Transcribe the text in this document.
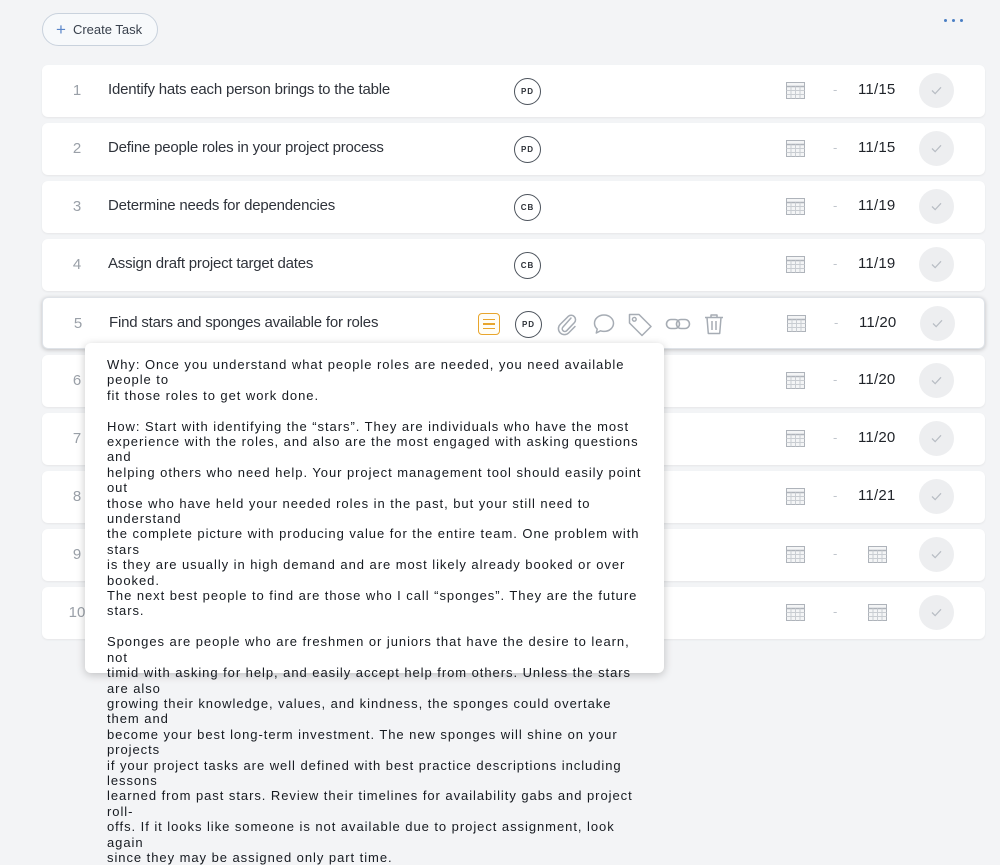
+ Create Task
1	Identify hats each person brings to the table	PD	- 11/15
2	Define people roles in your project process	PD	- 11/15
3	Determine needs for dependencies	CB	- 11/19
4	Assign draft project target dates	CB	- 11/19
5	Find stars and sponges available for roles	PD	- 11/20
6	- 11/20
7	- 11/20
8	- 11/21
9	-
10	-

Why: Once you understand what people roles are needed, you need available people to
fit those roles to get work done.

How: Start with identifying the “stars”. They are individuals who have the most
experience with the roles, and also are the most engaged with asking questions and
helping others who need help. Your project management tool should easily point out
those who have held your needed roles in the past, but your still need to understand
the complete picture with producing value for the entire team. One problem with stars
is they are usually in high demand and are most likely already booked or over booked.
The next best people to find are those who I call “sponges”. They are the future stars.

Sponges are people who are freshmen or juniors that have the desire to learn, not
timid with asking for help, and easily accept help from others. Unless the stars are also
growing their knowledge, values, and kindness, the sponges could overtake them and
become your best long-term investment. The new sponges will shine on your projects
if your project tasks are well defined with best practice descriptions including lessons
learned from past stars. Review their timelines for availability gabs and project roll-
offs. If it looks like someone is not available due to project assignment, look again
since they may be assigned only part time.
